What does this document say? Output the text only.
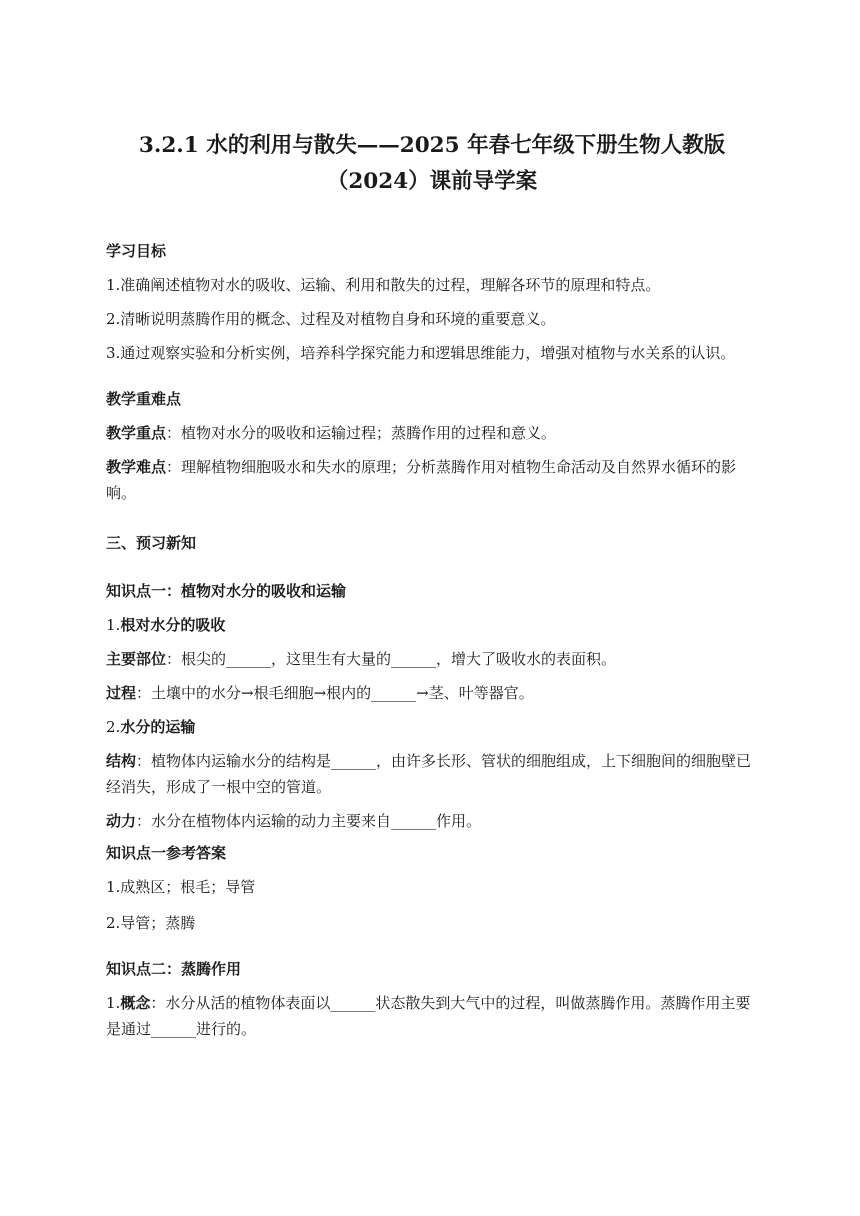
3.2.1 水的利用与散失——2025 年春七年级下册生物人教版
（2024）课前导学案
学习目标
1.准确阐述植物对水的吸收、运输、利用和散失的过程，理解各环节的原理和特点。
2.清晰说明蒸腾作用的概念、过程及对植物自身和环境的重要意义。
3.通过观察实验和分析实例，培养科学探究能力和逻辑思维能力，增强对植物与水关系的认识。
教学重难点
教学重点：植物对水分的吸收和运输过程；蒸腾作用的过程和意义。
教学难点：理解植物细胞吸水和失水的原理；分析蒸腾作用对植物生命活动及自然界水循环的影响。
三、预习新知
知识点一：植物对水分的吸收和运输
1.根对水分的吸收
主要部位：根尖的______，这里生有大量的______，增大了吸收水的表面积。
过程：土壤中的水分→根毛细胞→根内的______→茎、叶等器官。
2.水分的运输
结构：植物体内运输水分的结构是______，由许多长形、管状的细胞组成，上下细胞间的细胞壁已经消失，形成了一根中空的管道。
动力：水分在植物体内运输的动力主要来自______作用。
知识点一参考答案
1.成熟区；根毛；导管
2.导管；蒸腾
知识点二：蒸腾作用
1.概念：水分从活的植物体表面以______状态散失到大气中的过程，叫做蒸腾作用。蒸腾作用主要是通过______进行的。
